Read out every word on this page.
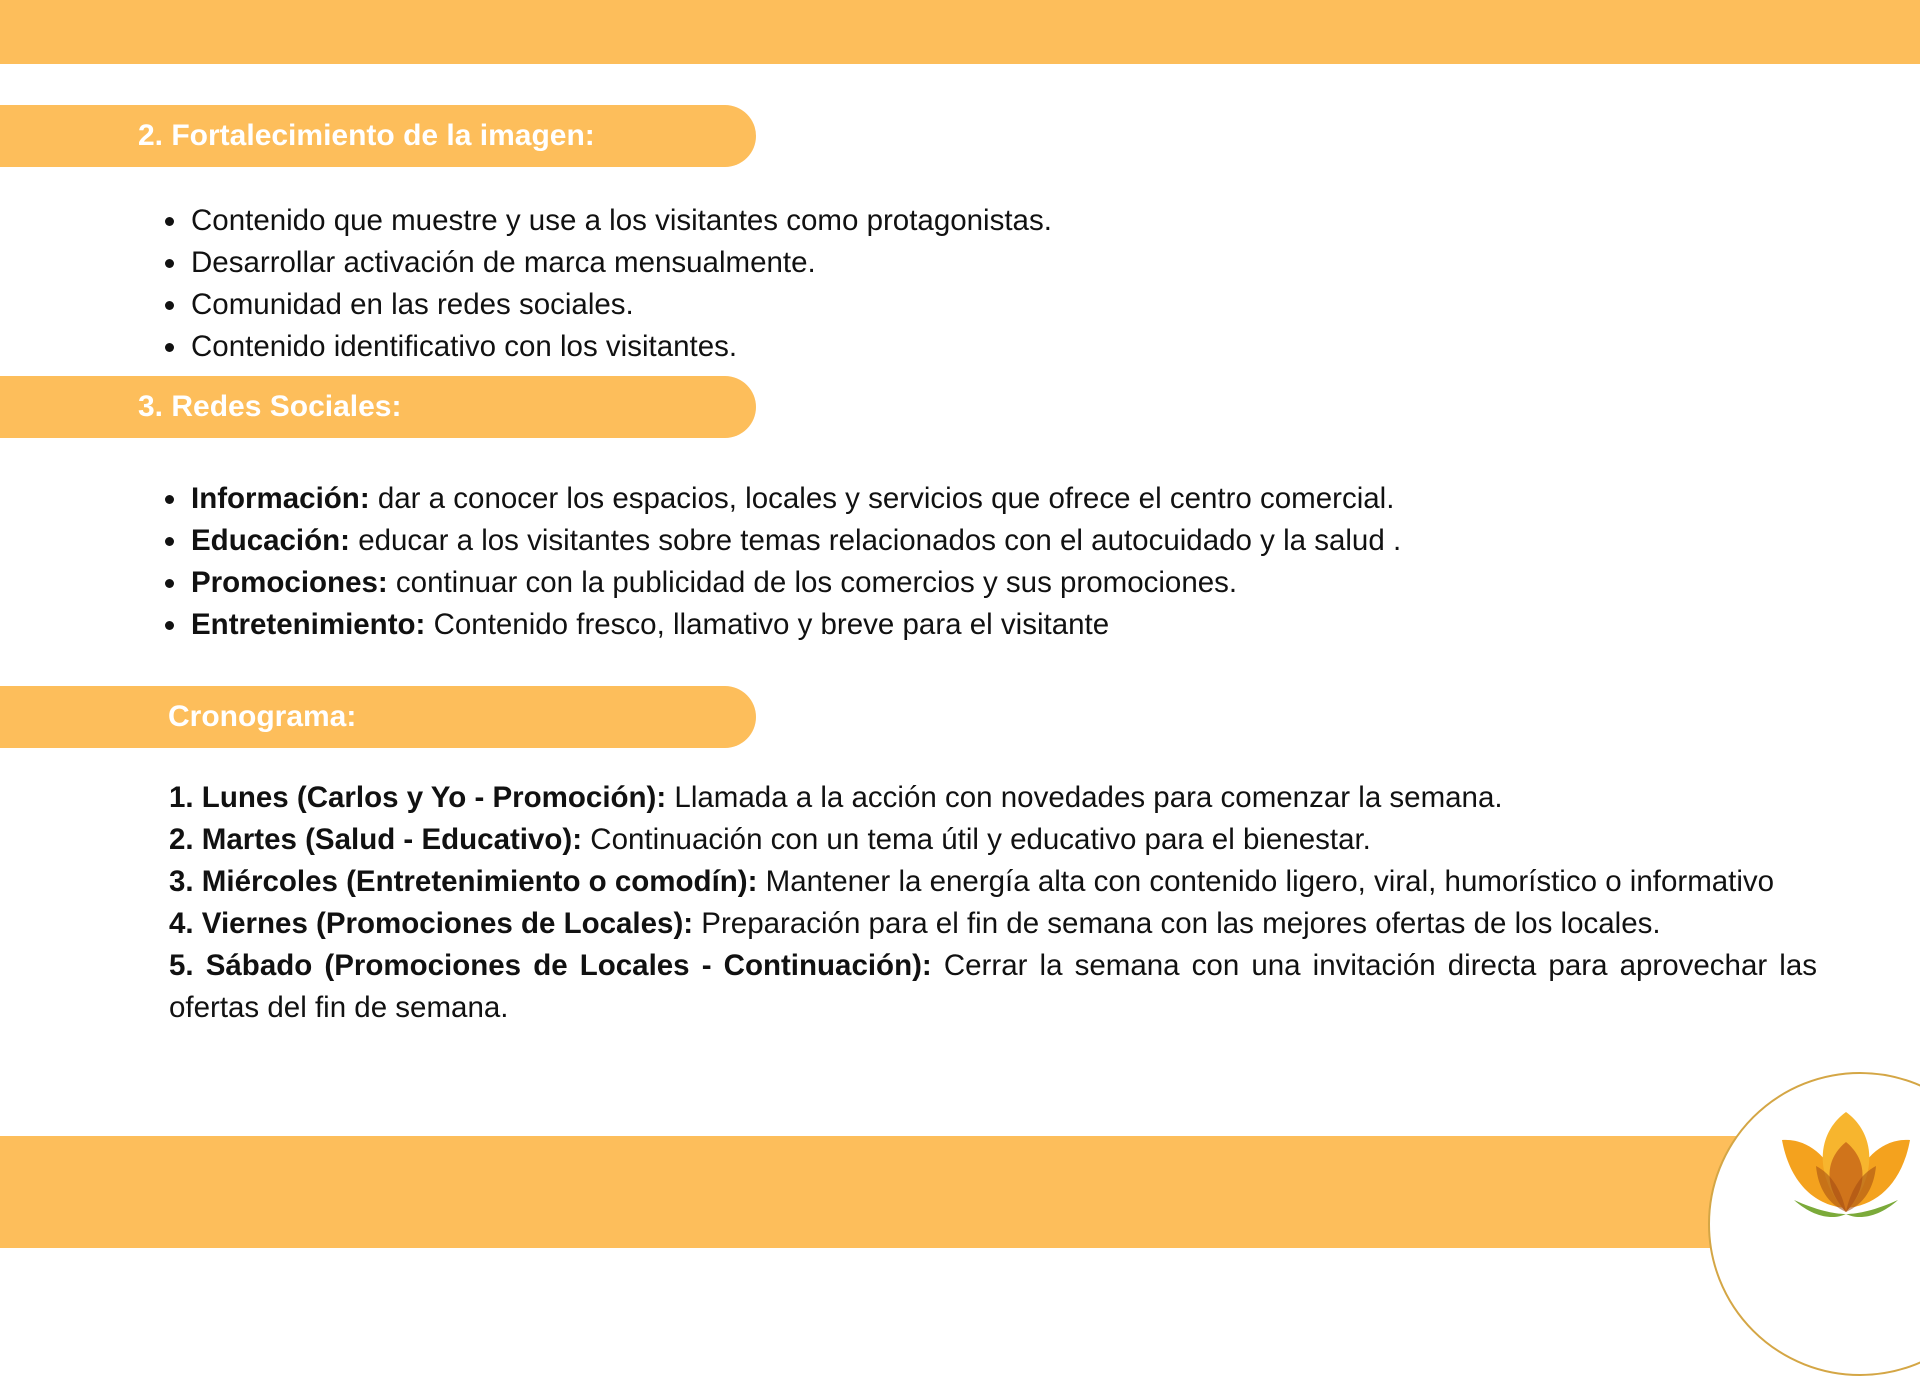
2. Fortalecimiento de la imagen:
• Contenido que muestre y use a los visitantes como protagonistas.
• Desarrollar activación de marca mensualmente.
• Comunidad en las redes sociales.
• Contenido identificativo con los visitantes.
3. Redes Sociales:
• Información: dar a conocer los espacios, locales y servicios que ofrece el centro comercial.
• Educación: educar a los visitantes sobre temas relacionados con el autocuidado y la salud .
• Promociones: continuar con la publicidad de los comercios y sus promociones.
• Entretenimiento: Contenido fresco, llamativo y breve para el visitante
Cronograma:

1. Lunes (Carlos y Yo - Promoción): Llamada a la acción con novedades para comenzar la semana.

2. Martes (Salud - Educativo): Continuación con un tema útil y educativo para el bienestar.

3. Miércoles (Entretenimiento o comodín): Mantener la energía alta con contenido ligero, viral, humorístico o informativo

4. Viernes (Promociones de Locales): Preparación para el fin de semana con las mejores ofertas de los locales.

5. Sábado (Promociones de Locales - Continuación): Cerrar la semana con una invitación directa para aprovechar las ofertas del fin de semana.
